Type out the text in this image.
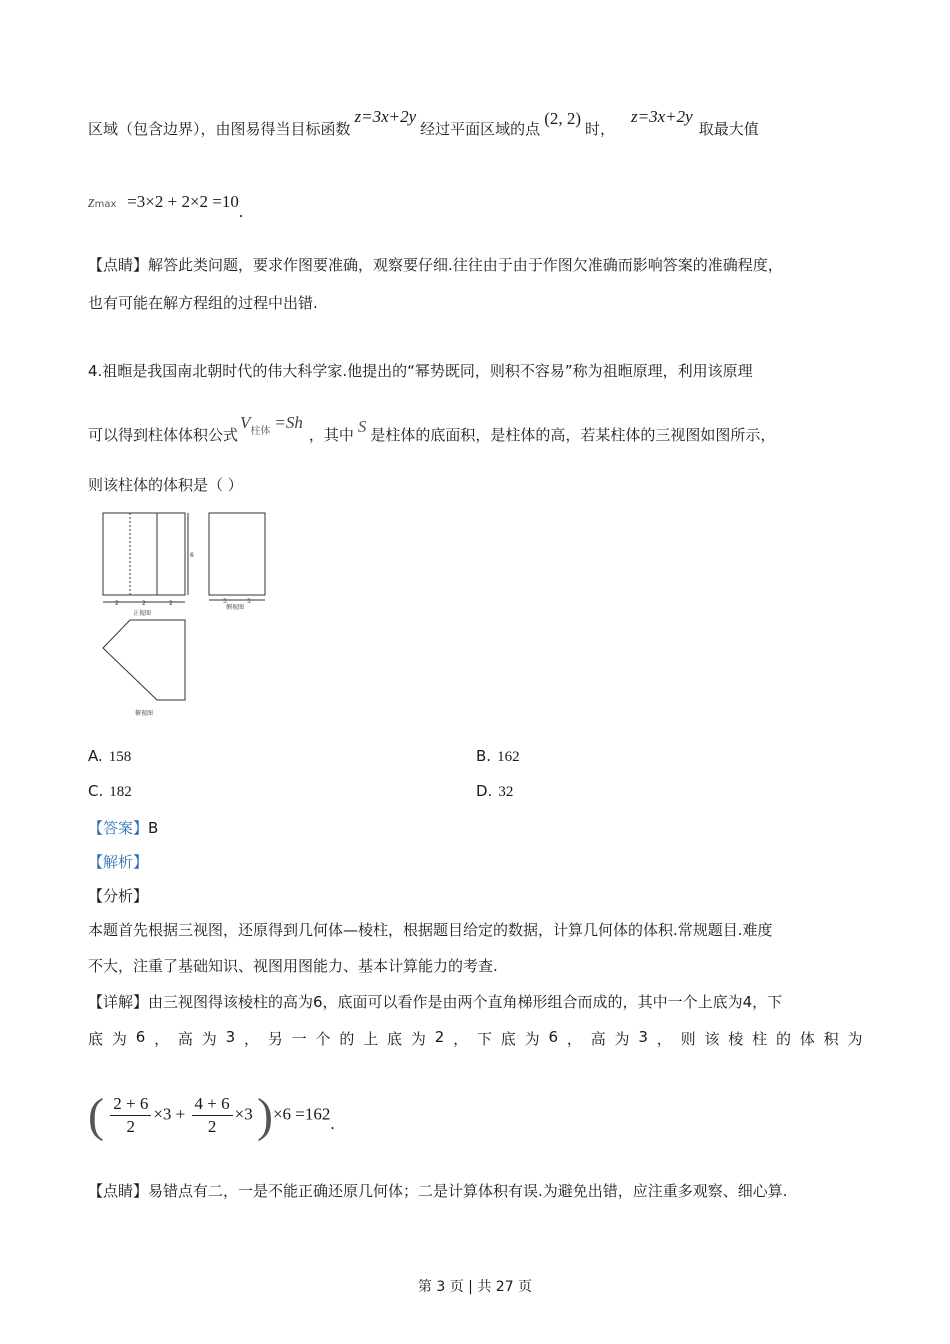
区域（包含边界），由图易得当目标函数z=3x+2y经过平面区域的点(2, 2)时，z=3x+2y取最大值
zmax =3×2 + 2×2 =10.
【点睛】解答此类问题，要求作图要准确，观察要仔细.往往由于由于作图欠准确而影响答案的准确程度，
也有可能在解方程组的过程中出错.
4.祖暅是我国南北朝时代的伟大科学家.他提出的“幂势既同，则积不容易”称为祖暅原理，利用该原理
可以得到柱体体积公式$V^{柱体} =Sh$，其中 S 是柱体的底面积，是柱体的高，若某柱体的三视图如图所示，
则该柱体的体积是（ ）
6
2	2	2	3	3
正视图
侧视图
俯视图
A. 158	B. 162
C. 182	D. 32
【答案】B
【解析】
【分析】
本题首先根据三视图，还原得到几何体—棱柱，根据题目给定的数据，计算几何体的体积.常规题目.难度
不大，注重了基础知识、视图用图能力、基本计算能力的考查.
【详解】由三视图得该棱柱的高为6，底面可以看作是由两个直角梯形组合而成的，其中一个上底为4，下
底 为 6 ， 高 为 3 ， 另 一 个 的 上 底 为 2 ， 下 底 为 6 ， 高 为 3 ， 则 该 棱 柱 的 体 积 为
( $\frac{2 + 6}{2} \times 3 + \frac{4 + 6}{2} \times 3$ )×6 =162.
【点睛】易错点有二，一是不能正确还原几何体；二是计算体积有误.为避免出错，应注重多观察、细心算.
第 3 页 | 共 27 页
